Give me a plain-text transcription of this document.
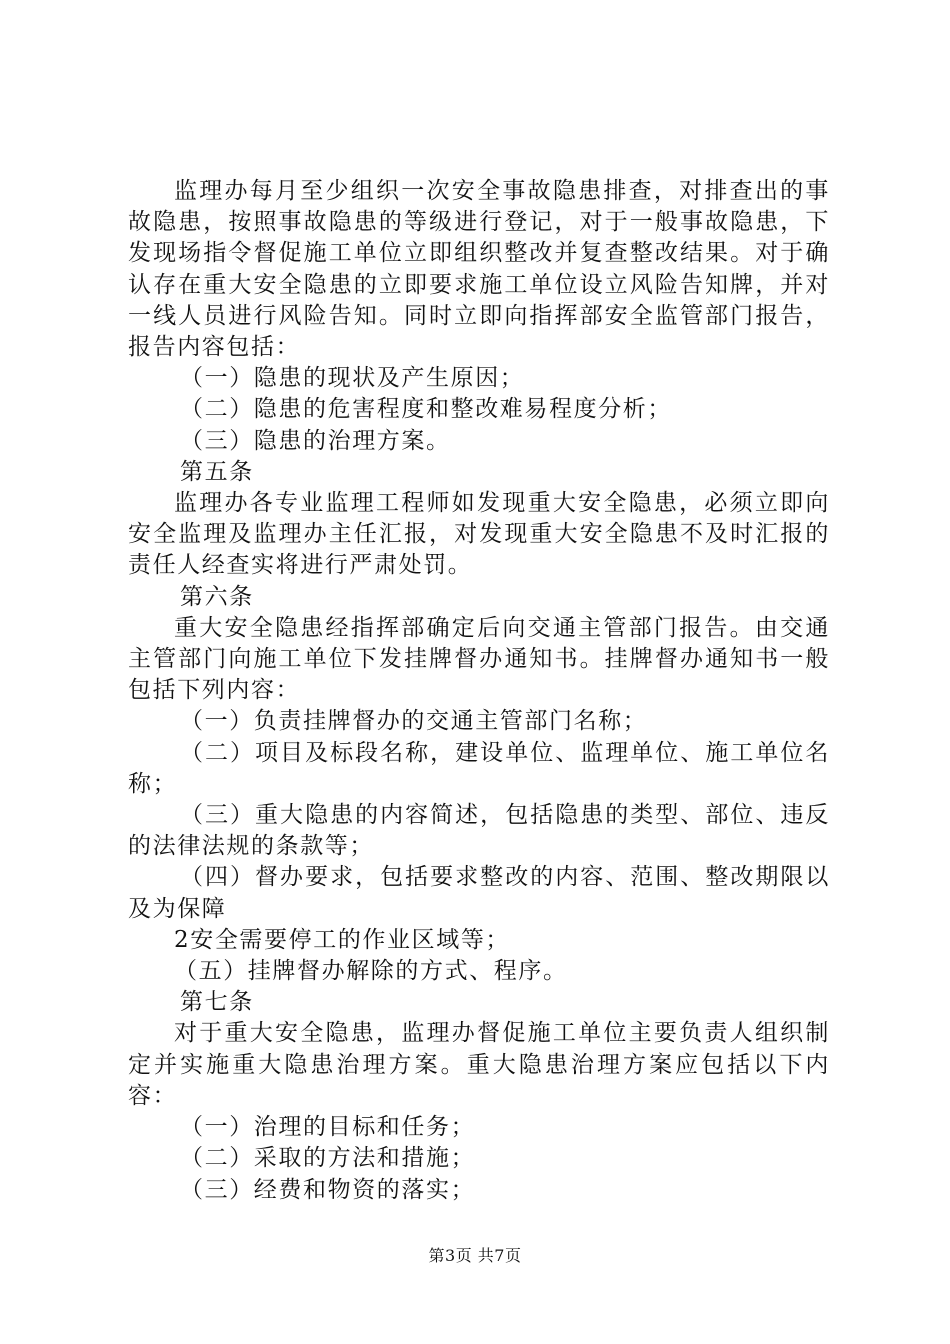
监理办每月至少组织一次安全事故隐患排查，对排查出的事故隐患，按照事故隐患的等级进行登记，对于一般事故隐患，下发现场指令督促施工单位立即组织整改并复查整改结果。对于确认存在重大安全隐患的立即要求施工单位设立风险告知牌，并对一线人员进行风险告知。同时立即向指挥部安全监管部门报告，报告内容包括：

（一）隐患的现状及产生原因；

（二）隐患的危害程度和整改难易程度分析；

（三）隐患的治理方案。

第五条

监理办各专业监理工程师如发现重大安全隐患，必须立即向安全监理及监理办主任汇报，对发现重大安全隐患不及时汇报的责任人经查实将进行严肃处罚。

第六条

重大安全隐患经指挥部确定后向交通主管部门报告。由交通主管部门向施工单位下发挂牌督办通知书。挂牌督办通知书一般包括下列内容：

（一）负责挂牌督办的交通主管部门名称；

（二）项目及标段名称，建设单位、监理单位、施工单位名称；

（三）重大隐患的内容简述，包括隐患的类型、部位、违反的法律法规的条款等；

（四）督办要求，包括要求整改的内容、范围、整改期限以及为保障

2安全需要停工的作业区域等；

（五）挂牌督办解除的方式、程序。

第七条

对于重大安全隐患，监理办督促施工单位主要负责人组织制定并实施重大隐患治理方案。重大隐患治理方案应包括以下内容：

（一）治理的目标和任务；

（二）采取的方法和措施；

（三）经费和物资的落实；

第3页 共7页
